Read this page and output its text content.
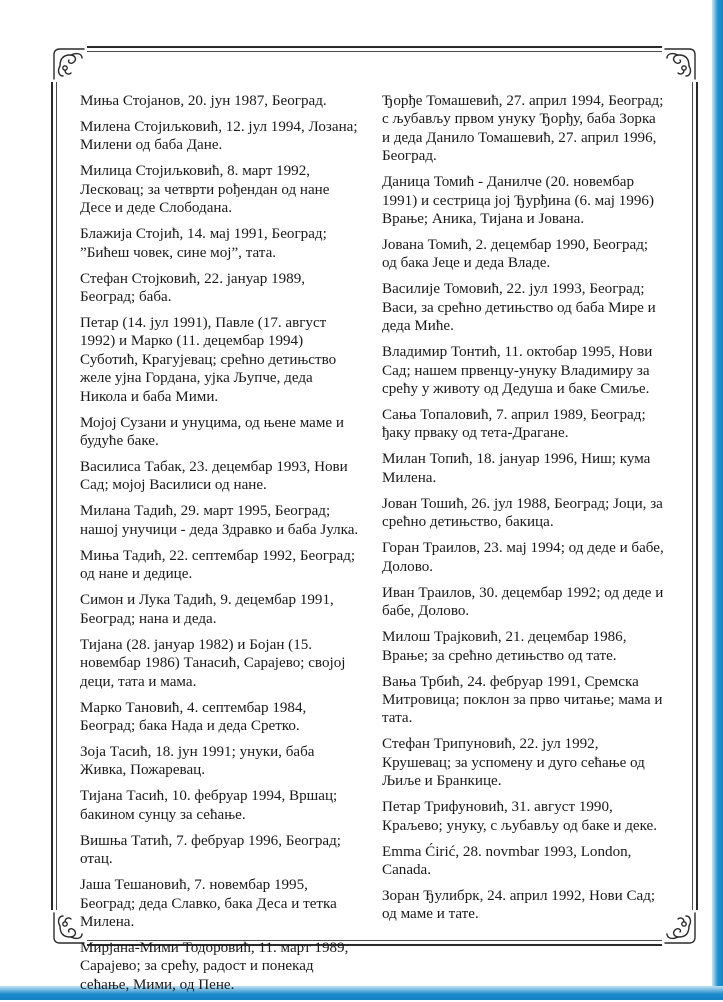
Миња Стојанов, 20. јун 1987, Београд.

Милена Стојиљковић, 12. јул 1994, Лозана; Милени од баба Дане.

Милица Стојиљковић, 8. март 1992, Лесковац; за четврти рођендан од нане Десе и деде Слободана.

Блажија Стојић, 14. мај 1991, Београд; ”Бићеш човек, сине мој”, тата.

Стефан Стојковић, 22. јануар 1989, Београд; баба.

Петар (14. јул 1991), Павле (17. август 1992) и Марко (11. децембар 1994) Суботић, Крагујевац; срећно детињство желе ујна Гордана, ујка Љупче, деда Никола и баба Мими.

Мојој Сузани и унуцима, од њене маме и будуће баке.

Василиса Табак, 23. децембар 1993, Нови Сад; мојој Василиси од нане.

Милана Тадић, 29. март 1995, Београд; нашој унучици - деда Здравко и баба Јулка.

Миња Тадић, 22. септембар 1992, Београд; од нане и дедице.

Симон и Лука Тадић, 9. децембар 1991, Београд; нана и деда.

Тијана (28. јануар 1982) и Бојан (15. новембар 1986) Танасић, Сарајево; својој деци, тата и мама.

Марко Тановић, 4. септембар 1984, Београд; бака Нада и деда Сретко.

Зоја Тасић, 18. јун 1991; унуки, баба Живка, Пожаревац.

Тијана Тасић, 10. фебруар 1994, Вршац; бакином сунцу за сећање.

Вишња Татић, 7. фебруар 1996, Београд; отац.

Јаша Тешановић, 7. новембар 1995, Београд; деда Славко, бака Деса и тетка Милена.

Мирјана-Мими Тодоровић, 11. март 1989, Сарајево; за срећу, радост и понекад сећање, Мими, од Пене.

Ђорђе Томашевић, 27. април 1994, Београд; с љубављу првом унуку Ђорђу, баба Зорка и деда Данило Томашевић, 27. април 1996, Београд.

Даница Томић - Данилче (20. новембар 1991) и сестрица јој Ђурђина (6. мај 1996) Врање; Аника, Тијана и Јована.

Јована Томић, 2. децембар 1990, Београд; од бака Јеце и деда Владе.

Василије Томовић, 22. јул 1993, Београд; Васи, за срећно детињство од баба Мире и деда Миће.

Владимир Тонтић, 11. октобар 1995, Нови Сад; нашем првенцу-унуку Владимиру за срећу у животу од Дедуша и баке Смиље.

Сања Топаловић, 7. април 1989, Београд; ђаку прваку од тета-Драгане.

Милан Топић, 18. јануар 1996, Ниш; кума Милена.

Јован Тошић, 26. јул 1988, Београд; Јоци, за срећно детињство, бакица.

Горан Траилов, 23. мај 1994; од деде и бабе, Долово.

Иван Траилов, 30. децембар 1992; од деде и бабе, Долово.

Милош Трајковић, 21. децембар 1986, Врање; за срећно детињство од тате.

Вања Трбић, 24. фебруар 1991, Сремска Митровица; поклон за прво читање; мама и тата.

Стефан Трипуновић, 22. јул 1992, Крушевац; за успомену и дуго сећање од Љиље и Бранкице.

Петар Трифуновић, 31. август 1990, Краљево; унуку, с љубављу од баке и деке.

Emma Ćirić, 28. novmbar 1993, London, Canada.

Зоран Ђулибрк, 24. април 1992, Нови Сад; од маме и тате.
